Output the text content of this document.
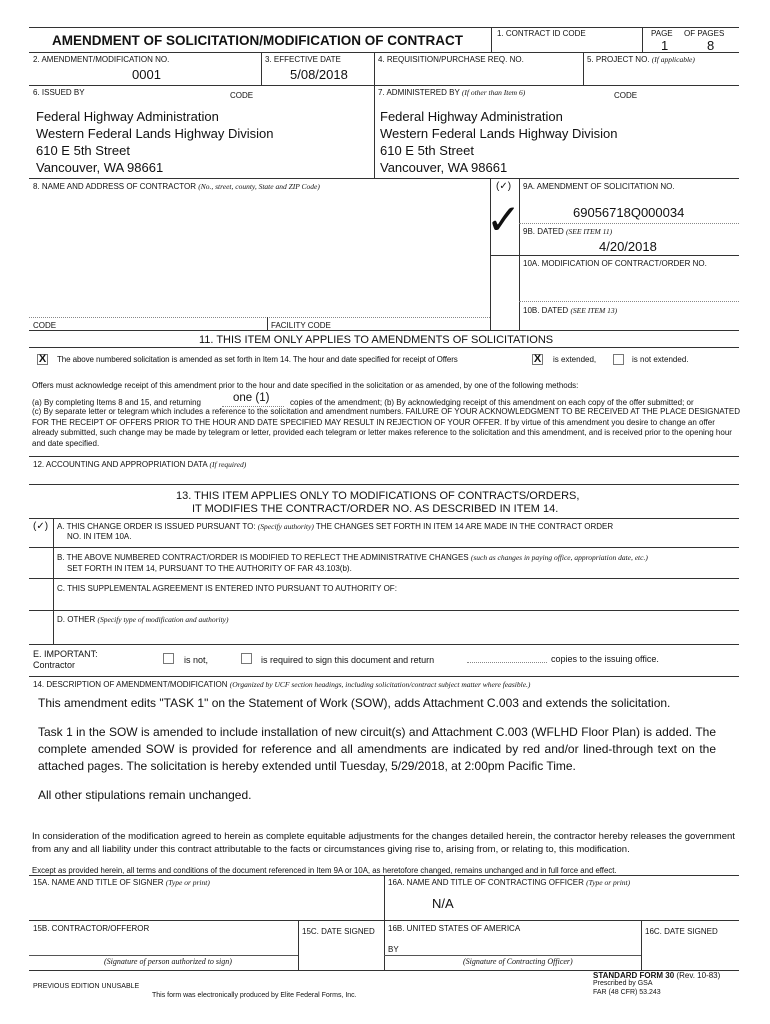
AMENDMENT OF SOLICITATION/MODIFICATION OF CONTRACT	1. CONTRACT ID CODE	PAGE OF PAGES
1	8
2. AMENDMENT/MODIFICATION NO.
0001
3. EFFECTIVE DATE
5/08/2018
4. REQUISITION/PURCHASE REQ. NO.	5. PROJECT NO. (If applicable)
6. ISSUED BY	CODE	7. ADMINISTERED BY (If other than Item 6)	CODE
Federal Highway Administration
Western Federal Lands Highway Division
610 E 5th Street
Vancouver, WA 98661
Federal Highway Administration
Western Federal Lands Highway Division
610 E 5th Street
Vancouver, WA 98661
8. NAME AND ADDRESS OF CONTRACTOR (No., street, county, State and ZIP Code)	(✓) 9A. AMENDMENT OF SOLICITATION NO.
✓	69056718Q000034
9B. DATED (SEE ITEM 11)
4/20/2018
10A. MODIFICATION OF CONTRACT/ORDER NO.
10B. DATED (SEE ITEM 13)
CODE	FACILITY CODE
11. THIS ITEM ONLY APPLIES TO AMENDMENTS OF SOLICITATIONS
X The above numbered solicitation is amended as set forth in Item 14. The hour and date specified for receipt of Offers	X is extended,	is not extended.
Offers must acknowledge receipt of this amendment prior to the hour and date specified in the solicitation or as amended, by one of the following methods:
(a) By completing Items 8 and 15, and returning	one (1)	copies of the amendment; (b) By acknowledging receipt of this amendment on each copy of the offer submitted; or
(c) By separate letter or telegram which includes a reference to the solicitation and amendment numbers. FAILURE OF YOUR ACKNOWLEDGMENT TO BE RECEIVED AT THE PLACE DESIGNATED FOR THE RECEIPT OF OFFERS PRIOR TO THE HOUR AND DATE SPECIFIED MAY RESULT IN REJECTION OF YOUR OFFER. If by virtue of this amendment you desire to change an offer already submitted, such change may be made by telegram or letter, provided each telegram or letter makes reference to the solicitation and this amendment, and is received prior to the opening hour and date specified.
12. ACCOUNTING AND APPROPRIATION DATA (If required)
13. THIS ITEM APPLIES ONLY TO MODIFICATIONS OF CONTRACTS/ORDERS,
IT MODIFIES THE CONTRACT/ORDER NO. AS DESCRIBED IN ITEM 14.
(✓) A. THIS CHANGE ORDER IS ISSUED PURSUANT TO: (Specify authority) THE CHANGES SET FORTH IN ITEM 14 ARE MADE IN THE CONTRACT ORDER
NO. IN ITEM 10A.
B. THE ABOVE NUMBERED CONTRACT/ORDER IS MODIFIED TO REFLECT THE ADMINISTRATIVE CHANGES (such as changes in paying office, appropriation date, etc.)
SET FORTH IN ITEM 14, PURSUANT TO THE AUTHORITY OF FAR 43.103(b).
C. THIS SUPPLEMENTAL AGREEMENT IS ENTERED INTO PURSUANT TO AUTHORITY OF:
D. OTHER (Specify type of modification and authority)
E. IMPORTANT:
Contractor	is not,	is required to sign this document and return	copies to the issuing office.
14. DESCRIPTION OF AMENDMENT/MODIFICATION (Organized by UCF section headings, including solicitation/contract subject matter where feasible.)
This amendment edits "TASK 1" on the Statement of Work (SOW), adds Attachment C.003 and extends the solicitation.
Task 1 in the SOW is amended to include installation of new circuit(s) and Attachment C.003 (WFLHD Floor Plan) is added. The complete amended SOW is provided for reference and all amendments are indicated by red and/or lined-through text on the attached pages. The solicitation is hereby extended until Tuesday, 5/29/2018, at 2:00pm Pacific Time.
All other stipulations remain unchanged.
In consideration of the modification agreed to herein as complete equitable adjustments for the changes detailed herein, the contractor hereby releases the government from any and all liability under this contract attributable to the facts or circumstances giving rise to, arising from, or relating to, this modification.
Except as provided herein, all terms and conditions of the document referenced in Item 9A or 10A, as heretofore changed, remains unchanged and in full force and effect.
15A. NAME AND TITLE OF SIGNER (Type or print)	16A. NAME AND TITLE OF CONTRACTING OFFICER (Type or print)
N/A
15B. CONTRACTOR/OFFEROR	15C. DATE SIGNED 16B. UNITED STATES OF AMERICA	16C. DATE SIGNED
BY
(Signature of person authorized to sign)	(Signature of Contracting Officer)
PREVIOUS EDITION UNUSABLE
This form was electronically produced by Elite Federal Forms, Inc.
STANDARD FORM 30 (Rev. 10-83)
Prescribed by GSA
FAR (48 CFR) 53.243
